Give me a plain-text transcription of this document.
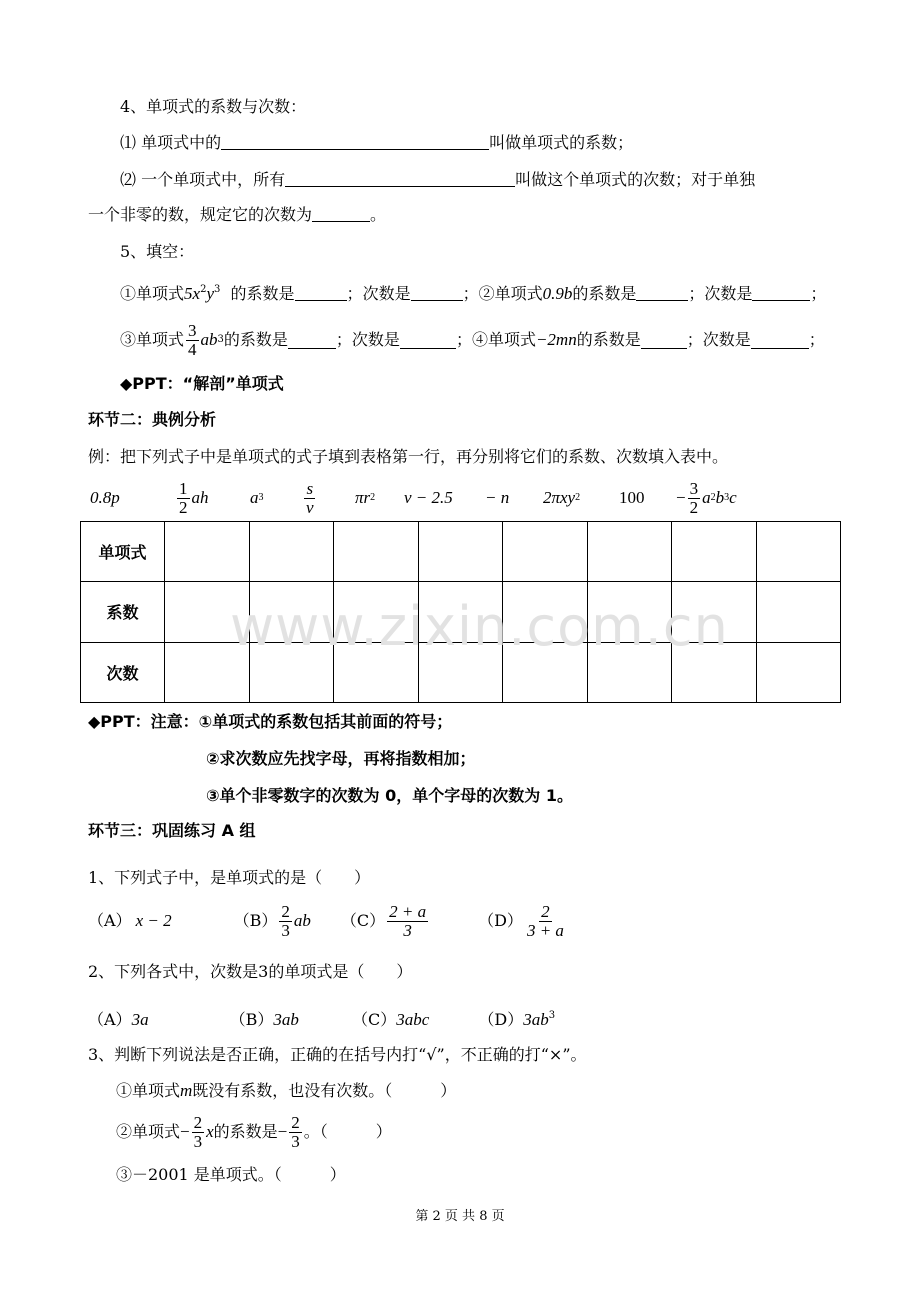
4、单项式的系数与次数：
⑴ 单项式中的	叫做单项式的系数；
⑵ 一个单项式中，所有	叫做这个单项式的次数；对于单独
一个非零的数，规定它的次数为	。
5、填空：
①单项式$5x^2y^3$ 的系数是	；次数是	；②单项式0.9b的系数是	；次数是	；
③单项式 $\frac{3}{4}$ ab 3 的系数是	； 次数是	；④单项式 −2mn 的系数是	； 次数是	；
◆PPT：“解剖”单项式
环节二：典例分析
例：把下列式子中是单项式的式子填到表格第一行，再分别将它们的系数、次数填入表中。
0.8p	$\frac{1}{2}$ ah a $3 \frac{s}{v}$ πr 2 v − 2.5 − n 2πxy 2 $100 - \frac{3}{2}$ a 2 b 3 c
单项式								
系数								
次数								
www.zixin.com.cn
◆PPT：注意：①单项式的系数包括其前面的符号；
②求次数应先找字母，再将指数相加；
③单个非零数字的次数为 0，单个字母的次数为 1。
环节三：巩固练习 A 组
1、下列式子中，是单项式的是（　　）
（A） x − 2	$(B) \frac{2}{3}$ ab $(C) \frac{2 + a}{3}$	$(D) \frac{2}{3 + a}$
2、下列各式中，次数是3的单项式是（　　）
（A）3a	（B）3ab	（C）3abc	$(D)3ab^3$
3、判断下列说法是否正确，正确的在括号内打“√”，不正确的打“×”。
①单项式m既没有系数，也没有次数。（　　　）
②单项式 − $\frac{2}{3}$ x 的系数是 − $\frac{2}{3}$ 。（　　　）
③－2001 是单项式。（　　　）
第 2 页 共 8 页
